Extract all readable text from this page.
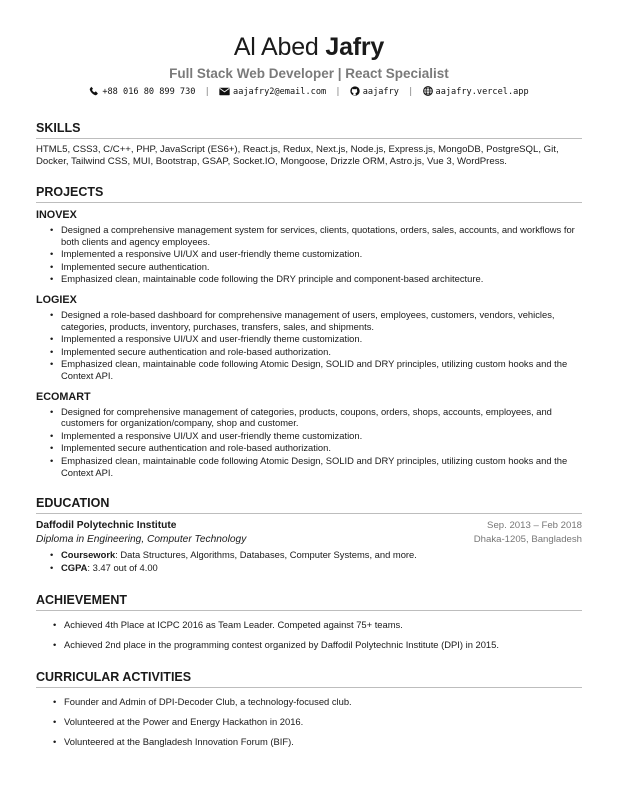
Al Abed Jafry
Full Stack Web Developer | React Specialist
+88 016 80 899 730 |	aajafry2@email.com |	aajafry |	aajafry.vercel.app
SKILLS
HTML5, CSS3, C/C++, PHP, JavaScript (ES6+), React.js, Redux, Next.js, Node.js, Express.js, MongoDB, PostgreSQL, Git, Docker, Tailwind CSS, MUI, Bootstrap, GSAP, Socket.IO, Mongoose, Drizzle ORM, Astro.js, Vue 3, WordPress.
PROJECTS
INOVEX
• Designed a comprehensive management system for services, clients, quotations, orders, sales, accounts, and workflows for both clients and agency employees.
• Implemented a responsive UI/UX and user-friendly theme customization.
• Implemented secure authentication.
• Emphasized clean, maintainable code following the DRY principle and component-based architecture.
LOGIEX
• Designed a role-based dashboard for comprehensive management of users, employees, customers, vendors, vehicles, categories, products, inventory, purchases, transfers, sales, and shipments.
• Implemented a responsive UI/UX and user-friendly theme customization.
• Implemented secure authentication and role-based authorization.
• Emphasized clean, maintainable code following Atomic Design, SOLID and DRY principles, utilizing custom hooks and the Context API.
ECOMART
• Designed for comprehensive management of categories, products, coupons, orders, shops, accounts, employees, and customers for organization/company, shop and customer.
• Implemented a responsive UI/UX and user-friendly theme customization.
• Implemented secure authentication and role-based authorization.
• Emphasized clean, maintainable code following Atomic Design, SOLID and DRY principles, utilizing custom hooks and the Context API.
EDUCATION
Daffodil Polytechnic Institute	Sep. 2013 – Feb 2018
Diploma in Engineering, Computer Technology	Dhaka-1205, Bangladesh
• Coursework: Data Structures, Algorithms, Databases, Computer Systems, and more.
• CGPA: 3.47 out of 4.00
ACHIEVEMENT
• Achieved 4th Place at ICPC 2016 as Team Leader. Competed against 75+ teams.
• Achieved 2nd place in the programming contest organized by Daffodil Polytechnic Institute (DPI) in 2015.
CURRICULAR ACTIVITIES
• Founder and Admin of DPI-Decoder Club, a technology-focused club.
• Volunteered at the Power and Energy Hackathon in 2016.
• Volunteered at the Bangladesh Innovation Forum (BIF).
